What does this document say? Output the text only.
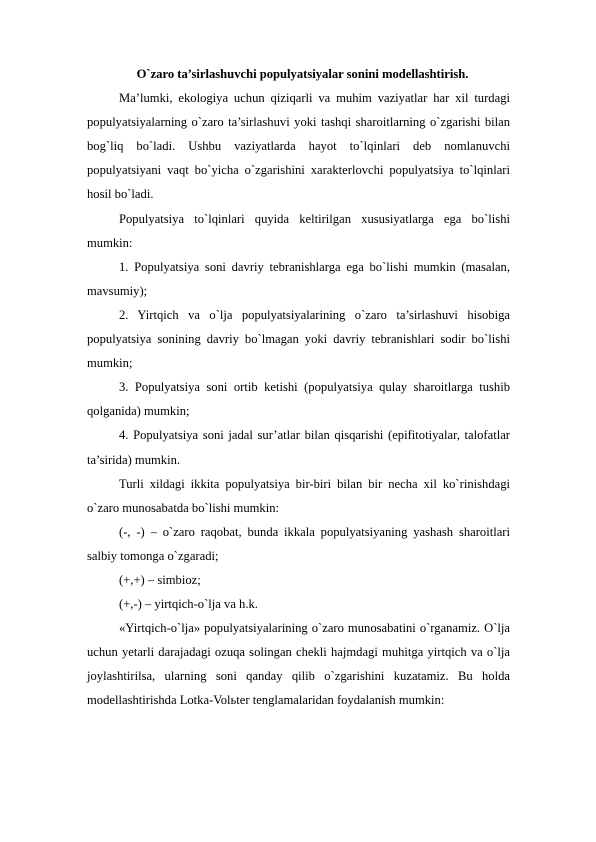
O`zaro ta’sirlashuvchi populyatsiyalar sonini modellashtirish.

Ma’lumki, ekologiya uchun qiziqarli va muhim vaziyatlar har xil turdagi populyatsiyalarning o`zaro ta’sirlashuvi yoki tashqi sharoitlarning o`zgarishi bilan bog`liq bo`ladi. Ushbu vaziyatlarda hayot to`lqinlari deb nomlanuvchi populyatsiyani vaqt bo`yicha o`zgarishini xarakterlovchi populyatsiya to`lqinlari hosil bo`ladi.

Populyatsiya to`lqinlari quyida keltirilgan xususiyatlarga ega bo`lishi mumkin:

1. Populyatsiya soni davriy tebranishlarga ega bo`lishi mumkin (masalan, mavsumiy);

2. Yirtqich va o`lja populyatsiyalarining o`zaro ta’sirlashuvi hisobiga populyatsiya sonining davriy bo`lmagan yoki davriy tebranishlari sodir bo`lishi mumkin;

3. Populyatsiya soni ortib ketishi (populyatsiya qulay sharoitlarga tushib qolganida) mumkin;

4. Populyatsiya soni jadal sur’atlar bilan qisqarishi (epifitotiyalar, talofatlar ta’sirida) mumkin.

Turli xildagi ikkita populyatsiya bir-biri bilan bir necha xil ko`rinishdagi o`zaro munosabatda bo`lishi mumkin:

(-, -) – o`zaro raqobat, bunda ikkala populyatsiyaning yashash sharoitlari salbiy tomonga o`zgaradi;

(+,+) – simbioz;

(+,-) – yirtqich-o`lja va h.k.

«Yirtqich-o`lja» populyatsiyalarining o`zaro munosabatini o`rganamiz. O`lja uchun yetarli darajadagi ozuqa solingan chekli hajmdagi muhitga yirtqich va o`lja joylashtirilsa, ularning soni qanday qilib o`zgarishini kuzatamiz. Bu holda modellashtirishda Lotka-Volьter tenglamalaridan foydalanish mumkin:
